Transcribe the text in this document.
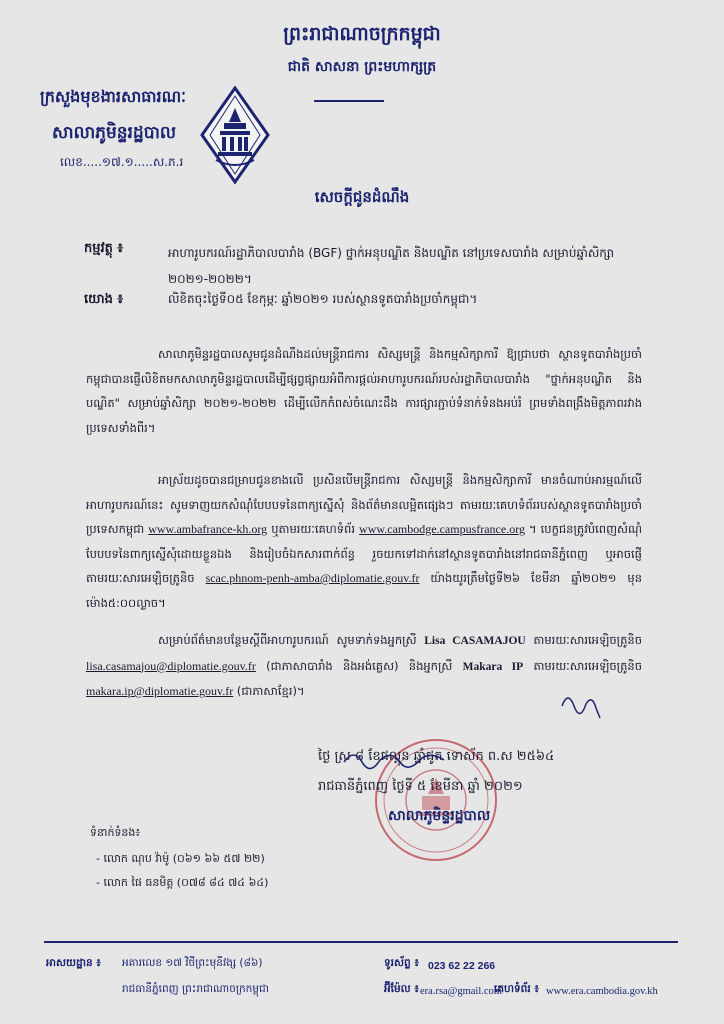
ព្រះរាជាណាចក្រកម្ពុជា
ជាតិ សាសនា ព្រះមហាក្សត្រ
ក្រសួងមុខងារសាធារណៈ
សាលាភូមិន្ទរដ្ឋបាល
លេខ.....១៧.១.....ស.ភ.រ
សេចក្តីជូនដំណឹង
កម្មវត្ថុ ៖	អាហារូបករណ៍រដ្ឋាភិបាលបារាំង (BGF) ថ្នាក់អនុបណ្ឌិត និងបណ្ឌិត នៅប្រទេសបារាំង សម្រាប់ឆ្នាំសិក្សា ២០២១-២០២២។
យោង ៖	លិខិតចុះថ្ងៃទី០៥ ខែកុម្ភៈ ឆ្នាំ២០២១ របស់ស្ថានទូតបារាំងប្រចាំកម្ពុជា។
សាលាភូមិន្ទរដ្ឋបាលសូមជូនដំណឹងដល់មន្ត្រីរាជការ សិស្សមន្ត្រី និងកម្មសិក្សាការី ឱ្យជ្រាបថា ស្ថានទូតបារាំងប្រចាំកម្ពុជាបានផ្ញើលិខិតមកសាលាភូមិន្ទរដ្ឋបាលដើម្បីផ្សព្វផ្សាយអំពីការផ្តល់អាហារូបករណ៍របស់រដ្ឋាភិបាលបារាំង "ថ្នាក់អនុបណ្ឌិត និងបណ្ឌិត" សម្រាប់ឆ្នាំសិក្សា ២០២១-២០២២ ដើម្បីលើកកំពស់ចំណេះដឹង ការផ្សារភ្ជាប់ទំនាក់ទំនងអប់រំ ព្រមទាំងពង្រឹងមិត្តភាពរវាងប្រទេសទាំងពីរ។
អាស្រ័យដូចបានជម្រាបជូនខាងលើ ប្រសិនបើមន្ត្រីរាជការ សិស្សមន្ត្រី និងកម្មសិក្សាការី មានចំណាប់អារម្មណ៍លើអាហារូបករណ៍នេះ សូមទាញយកសំណុំបែបបទនៃពាក្យស្នើសុំ និងព័ត៌មានលម្អិតផ្សេងៗ តាមរយៈគេហទំព័ររបស់ស្ថានទូតបារាំងប្រចាំប្រទេសកម្ពុជា www.ambafrance-kh.org ឬតាមរយៈគេហទំព័រ www.cambodge.campusfrance.org ។ បេក្ខជនត្រូវបំពេញសំណុំបែបបទនៃពាក្យស្នើសុំដោយខ្លួនឯង និងរៀបចំឯកសារពាក់ព័ន្ធ រួចយកទៅដាក់នៅស្ថានទូតបារាំងនៅរាជធានីភ្នំពេញ ឬអាចផ្ញើតាមរយៈសារអេឡិចត្រូនិច scac.phnom-penh-amba@diplomatie.gouv.fr យ៉ាងយូរត្រឹមថ្ងៃទី២៦ ខែមីនា ឆ្នាំ២០២១ មុនម៉ោង៥:០០ល្ងាច។
សម្រាប់ព័ត៌មានបន្ថែមស្តីពីអាហារូបករណ៍ សូមទាក់ទងអ្នកស្រី Lisa CASAMAJOU តាមរយៈសារអេឡិចត្រូនិច lisa.casamajou@diplomatie.gouv.fr (ជាភាសាបារាំង និងអង់គ្លេស) និងអ្នកស្រី Makara IP តាមរយៈសារអេឡិចត្រូនិច makara.ip@diplomatie.gouv.fr (ជាភាសាខ្មែរ)។
ថ្ងៃ ស្រ ៨ ខែផល្គុន ឆ្នាំជូត ទោស័ក ព.ស ២៥៦៤
រាជធានីភ្នំពេញ ថ្ងៃទី ៥ ខែមីនា ឆ្នាំ ២០២១
សាលាភូមិន្ទរដ្ឋបាល
ទំនាក់ទំនង៖
- លោក ណុប វ៉ាម៉ូ (០៦១ ៦៦ ៥៧ ២២)
- លោក ផៃ ធនមិត្ត (០៧៨ ៨៤ ៧៤ ៦៤)
អាសយដ្ឋាន ៖ អគារលេខ ១៧ វិថីព្រះមុនីវង្ស (៨៦)
រាជធានីភ្នំពេញ ព្រះរាជាណាចក្រកម្ពុជា
ទូរស័ព្ទ ៖ 023 62 22 266
អ៊ីម៉ែល ៖ era.rsa@gmail.com
គេហទំព័រ ៖ www.era.cambodia.gov.kh
